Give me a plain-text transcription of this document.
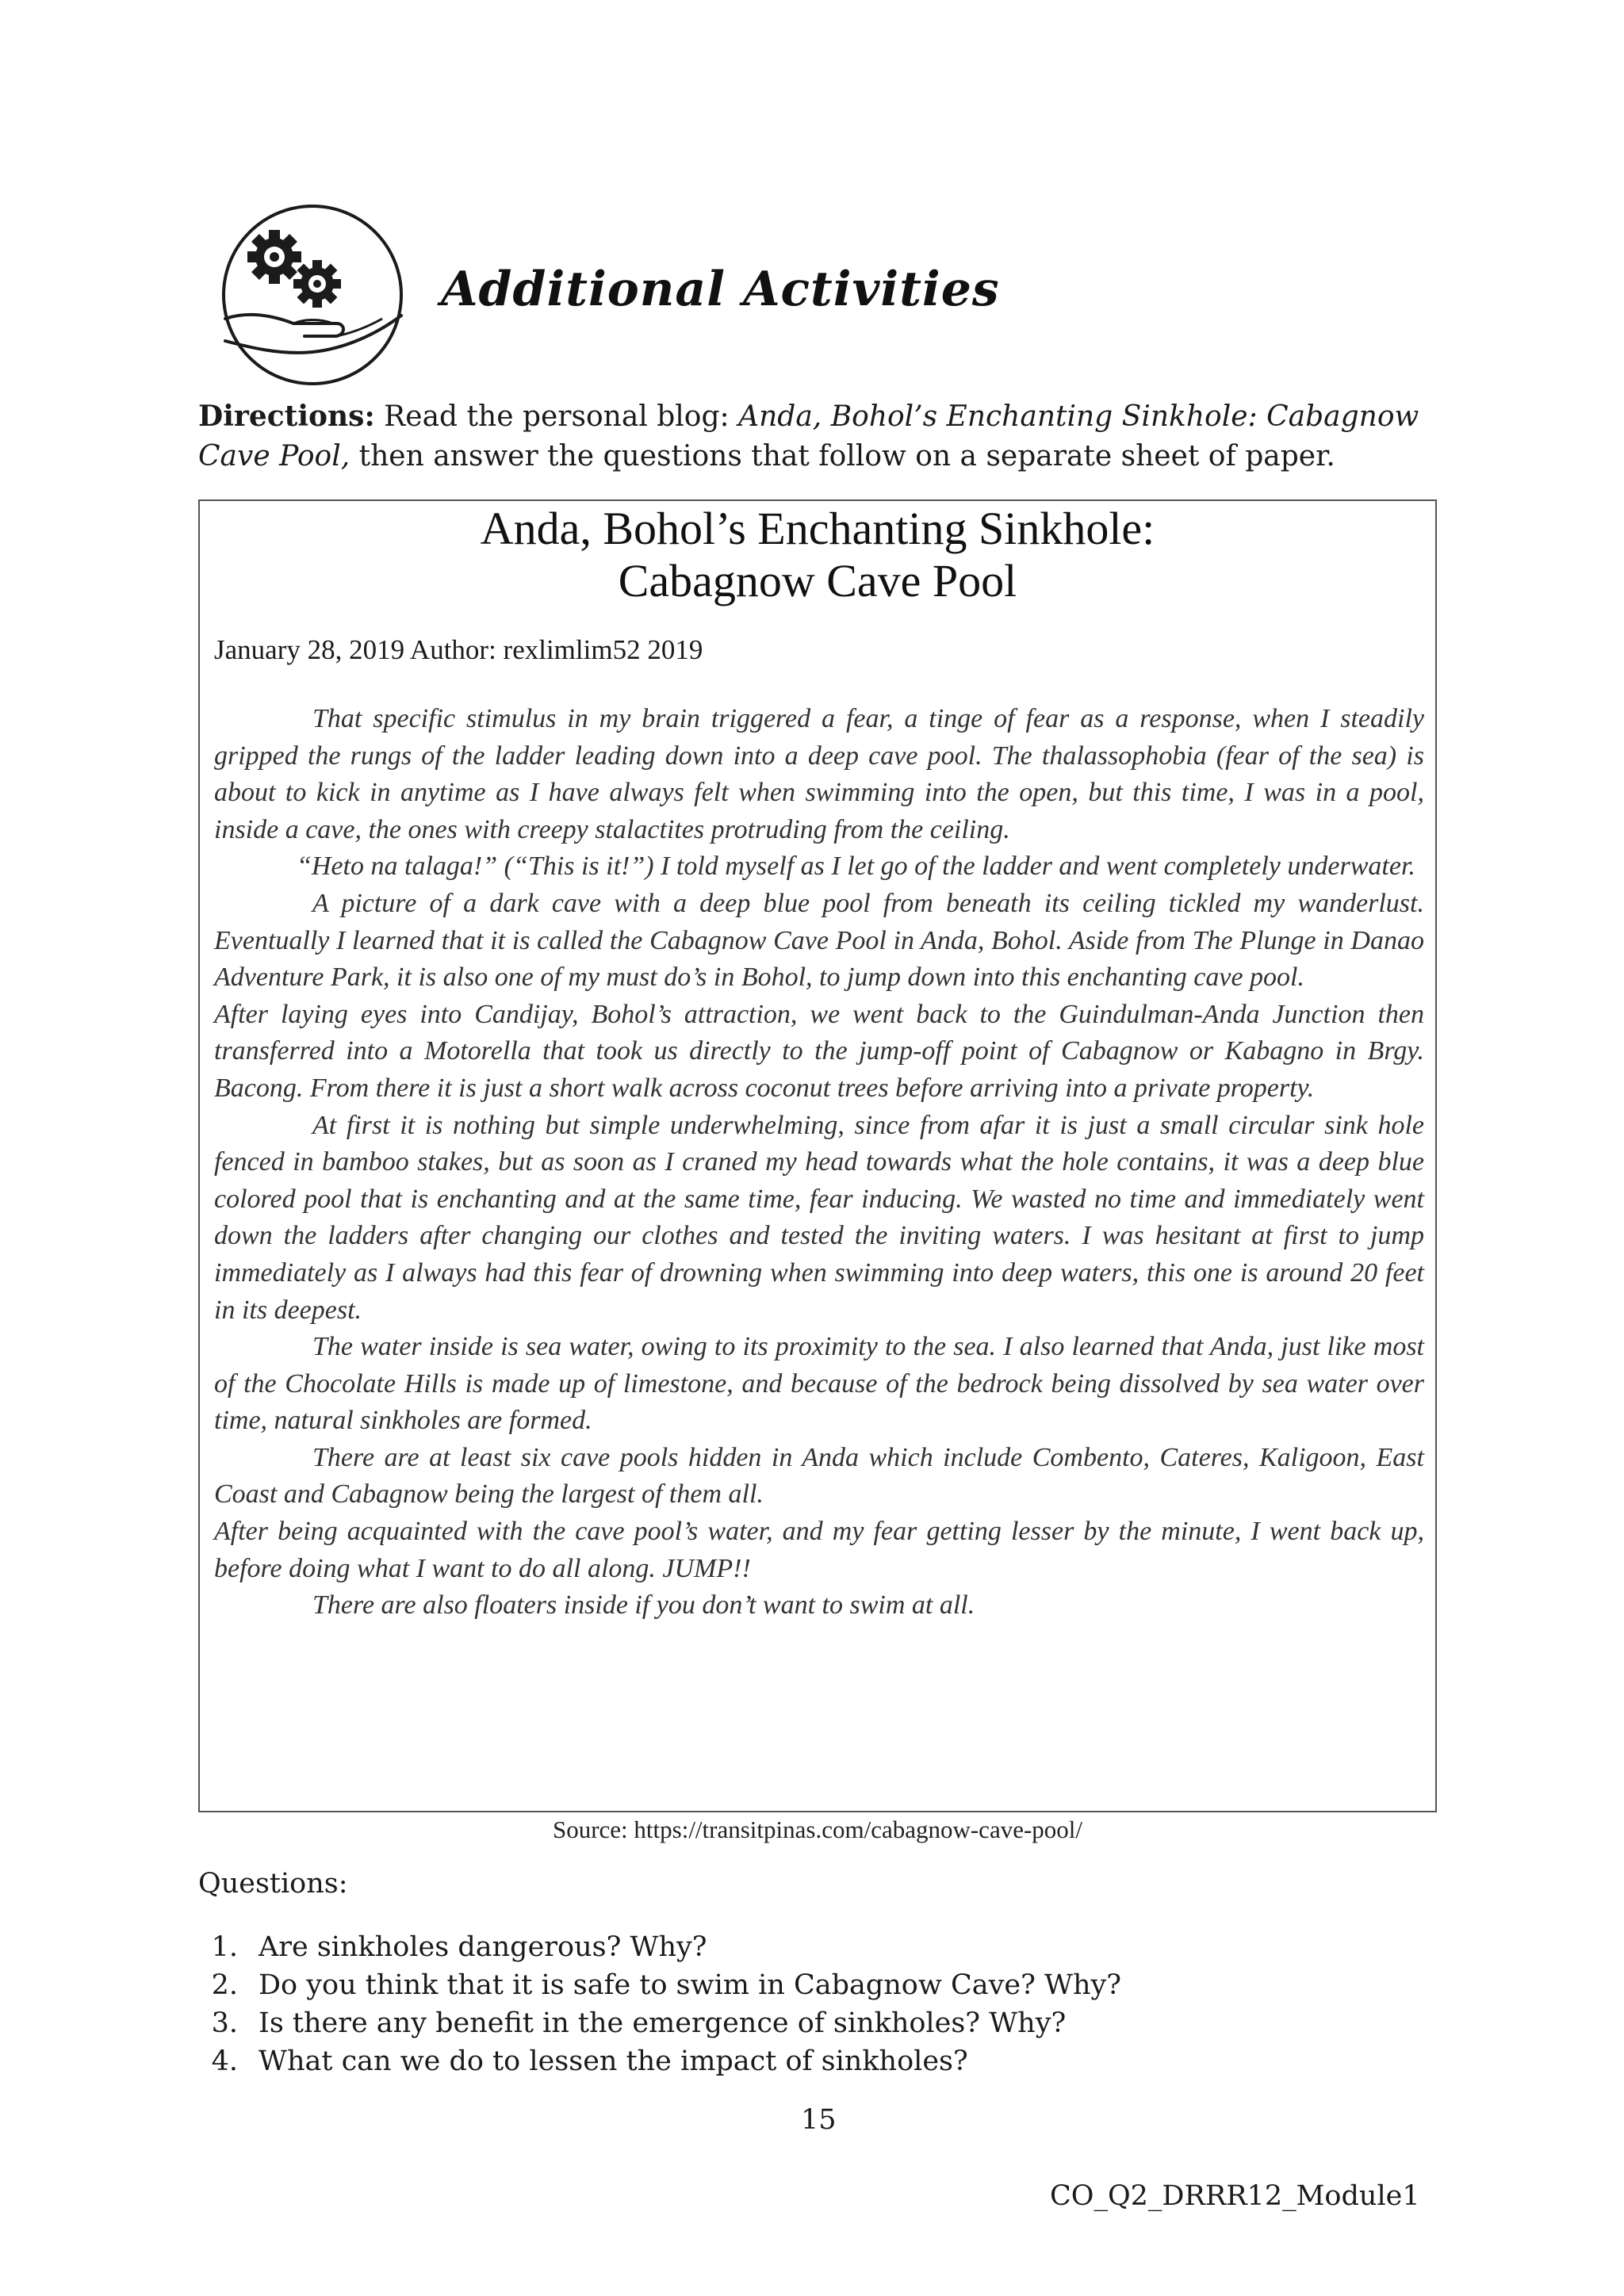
Additional Activities
Directions: Read the personal blog: Anda, Bohol’s Enchanting Sinkhole: Cabagnow Cave Pool, then answer the questions that follow on a separate sheet of paper.
Anda, Bohol’s Enchanting Sinkhole:
Cabagnow Cave Pool
January 28, 2019 Author: rexlimlim52 2019

That specific stimulus in my brain triggered a fear, a tinge of fear as a response, when I steadily gripped the rungs of the ladder leading down into a deep cave pool. The thalassophobia (fear of the sea) is about to kick in anytime as I have always felt when swimming into the open, but this time, I was in a pool, inside a cave, the ones with creepy stalactites protruding from the ceiling.

“Heto na talaga!” (“This is it!”) I told myself as I let go of the ladder and went completely underwater.

A picture of a dark cave with a deep blue pool from beneath its ceiling tickled my wanderlust. Eventually I learned that it is called the Cabagnow Cave Pool in Anda, Bohol. Aside from The Plunge in Danao Adventure Park, it is also one of my must do’s in Bohol, to jump down into this enchanting cave pool.

After laying eyes into Candijay, Bohol’s attraction, we went back to the Guindulman-Anda Junction then transferred into a Motorella that took us directly to the jump-off point of Cabagnow or Kabagno in Brgy. Bacong. From there it is just a short walk across coconut trees before arriving into a private property.

At first it is nothing but simple underwhelming, since from afar it is just a small circular sink hole fenced in bamboo stakes, but as soon as I craned my head towards what the hole contains, it was a deep blue colored pool that is enchanting and at the same time, fear inducing. We wasted no time and immediately went down the ladders after changing our clothes and tested the inviting waters. I was hesitant at first to jump immediately as I always had this fear of drowning when swimming into deep waters, this one is around 20 feet in its deepest.

The water inside is sea water, owing to its proximity to the sea. I also learned that Anda, just like most of the Chocolate Hills is made up of limestone, and because of the bedrock being dissolved by sea water over time, natural sinkholes are formed.

There are at least six cave pools hidden in Anda which include Combento, Cateres, Kaligoon, East Coast and Cabagnow being the largest of them all.

After being acquainted with the cave pool’s water, and my fear getting lesser by the minute, I went back up, before doing what I want to do all along. JUMP!!

There are also floaters inside if you don’t want to swim at all.

Source: https://transitpinas.com/cabagnow-cave-pool/
Questions:
1. Are sinkholes dangerous? Why?
2. Do you think that it is safe to swim in Cabagnow Cave? Why?
3. Is there any benefit in the emergence of sinkholes? Why?
4. What can we do to lessen the impact of sinkholes?
15
CO_Q2_DRRR12_Module1
